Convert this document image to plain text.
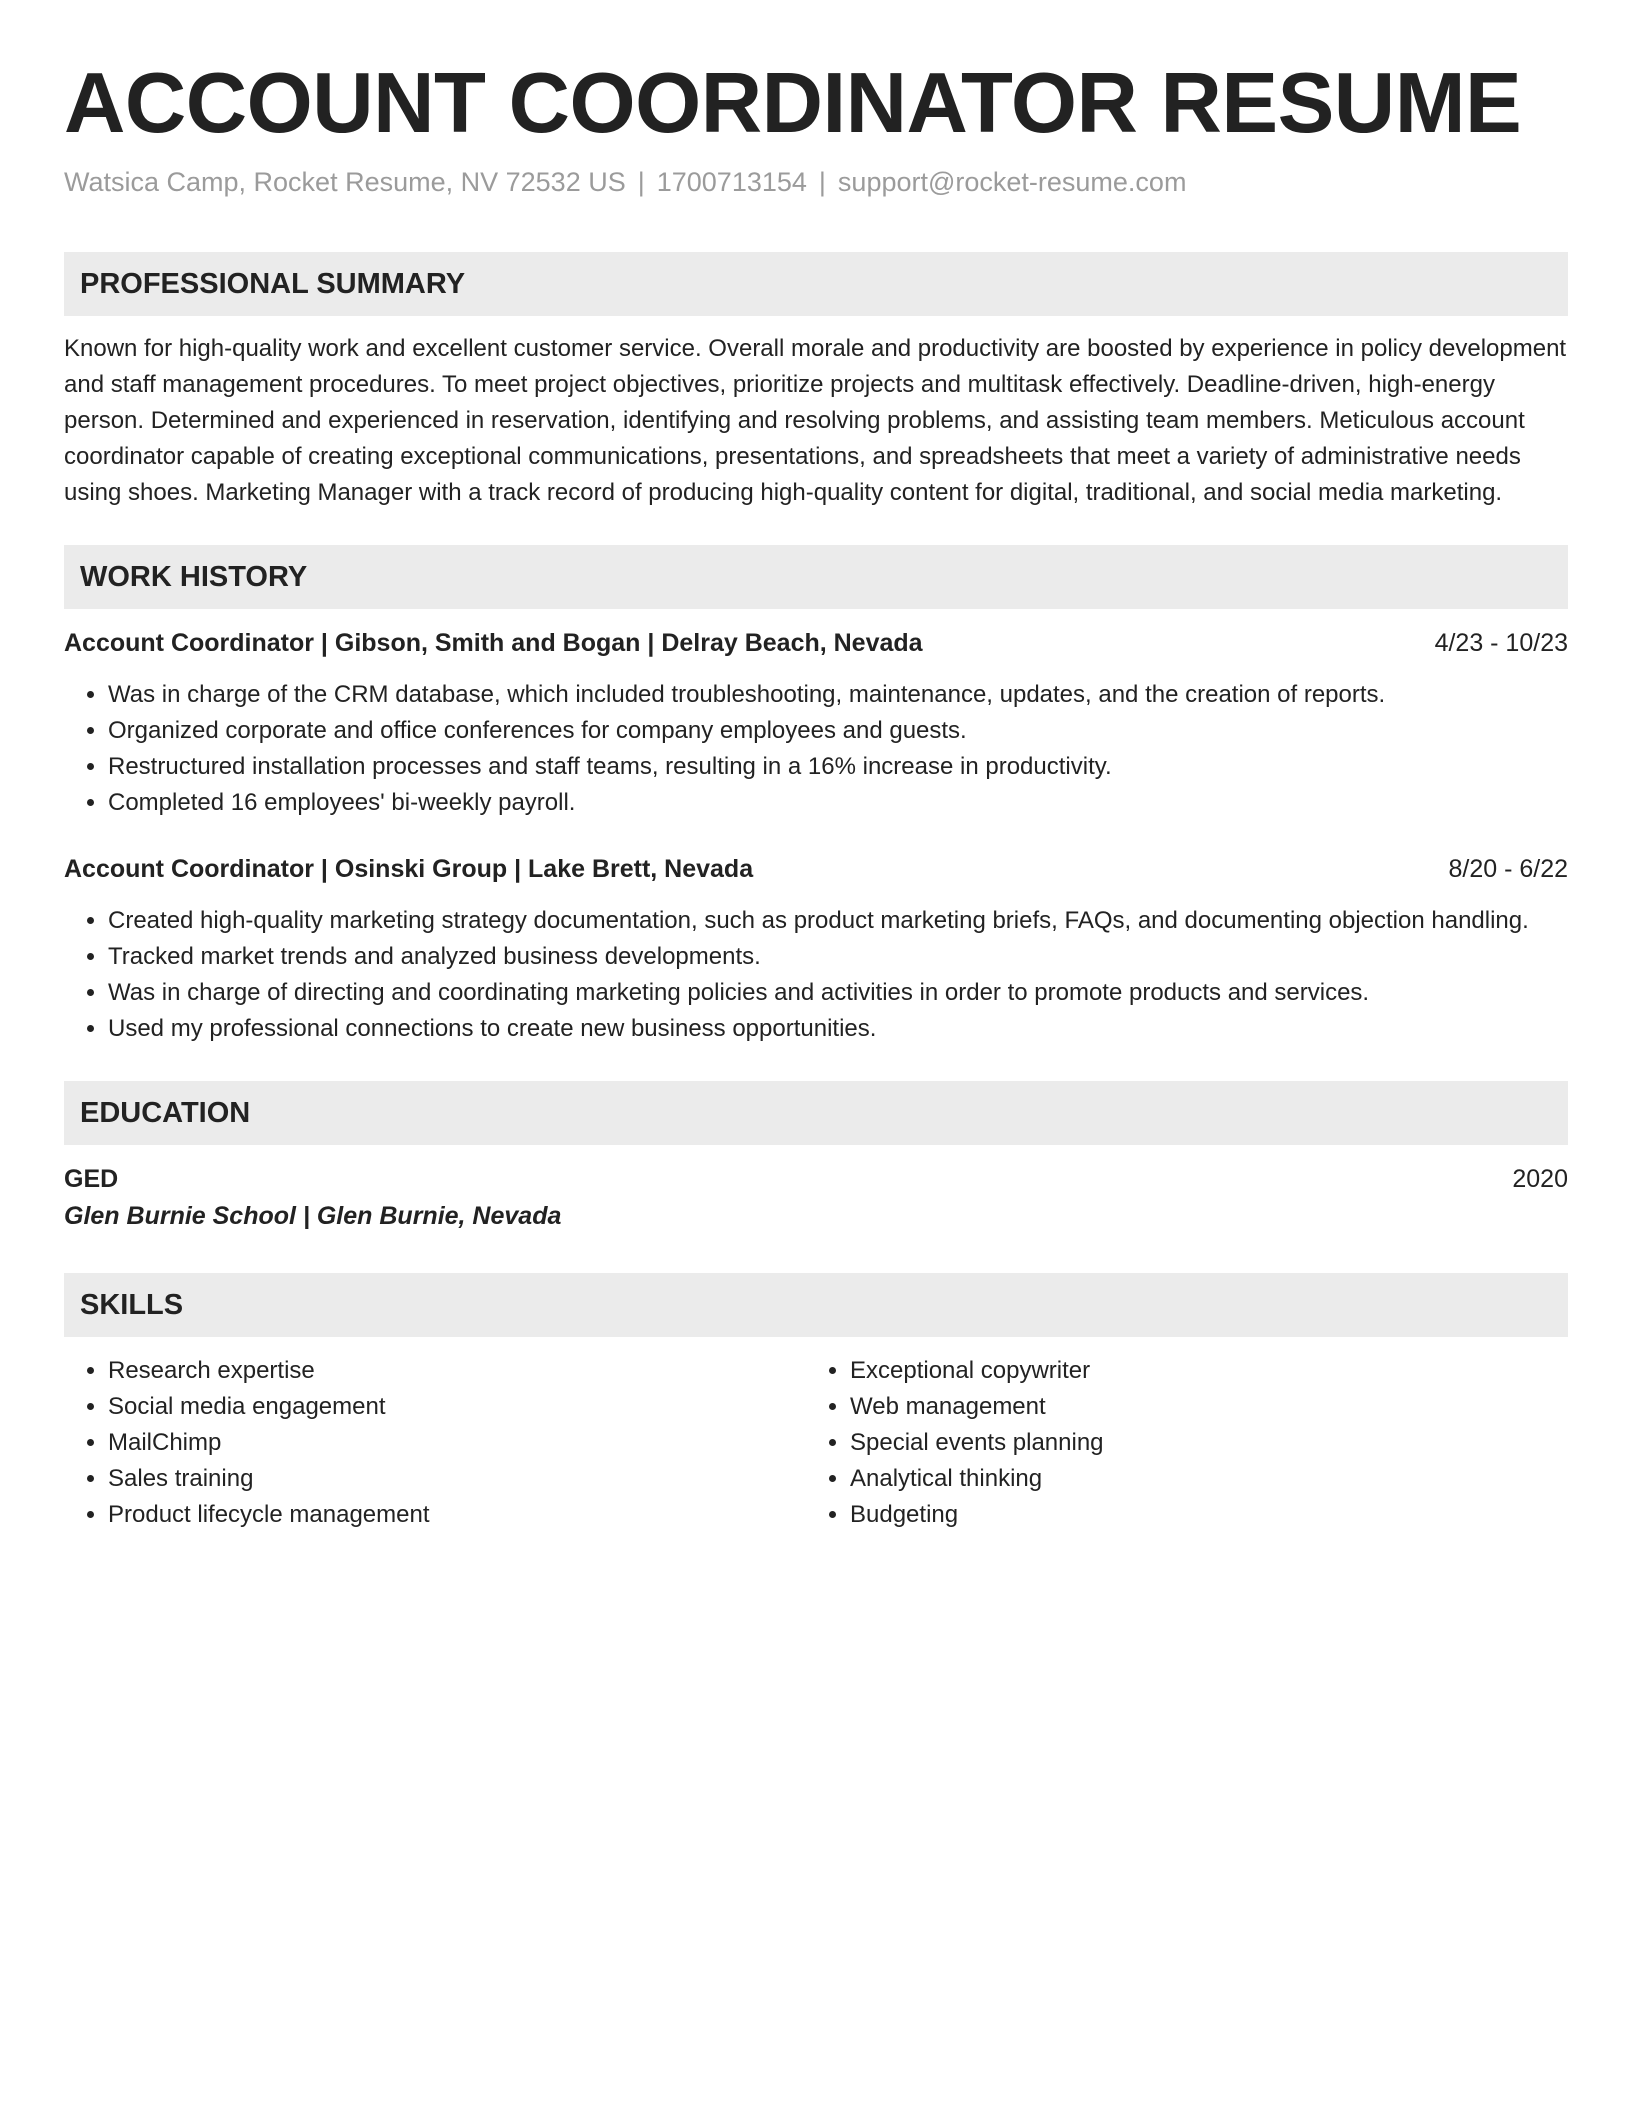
ACCOUNT COORDINATOR RESUME
Watsica Camp, Rocket Resume, NV 72532 US | 1700713154 | support@rocket-resume.com
PROFESSIONAL SUMMARY
Known for high-quality work and excellent customer service. Overall morale and productivity are boosted by experience in policy development and staff management procedures. To meet project objectives, prioritize projects and multitask effectively. Deadline-driven, high-energy person. Determined and experienced in reservation, identifying and resolving problems, and assisting team members. Meticulous account coordinator capable of creating exceptional communications, presentations, and spreadsheets that meet a variety of administrative needs using shoes. Marketing Manager with a track record of producing high-quality content for digital, traditional, and social media marketing.
WORK HISTORY
Account Coordinator | Gibson, Smith and Bogan | Delray Beach, Nevada	4/23 - 10/23
• Was in charge of the CRM database, which included troubleshooting, maintenance, updates, and the creation of reports.
• Organized corporate and office conferences for company employees and guests.
• Restructured installation processes and staff teams, resulting in a 16% increase in productivity.
• Completed 16 employees' bi-weekly payroll.
Account Coordinator | Osinski Group | Lake Brett, Nevada	8/20 - 6/22
• Created high-quality marketing strategy documentation, such as product marketing briefs, FAQs, and documenting objection handling.
• Tracked market trends and analyzed business developments.
• Was in charge of directing and coordinating marketing policies and activities in order to promote products and services.
• Used my professional connections to create new business opportunities.
EDUCATION
GED	2020
Glen Burnie School | Glen Burnie, Nevada
SKILLS
• Research expertise
• Social media engagement
• MailChimp
• Sales training
• Product lifecycle management
• Exceptional copywriter
• Web management
• Special events planning
• Analytical thinking
• Budgeting
